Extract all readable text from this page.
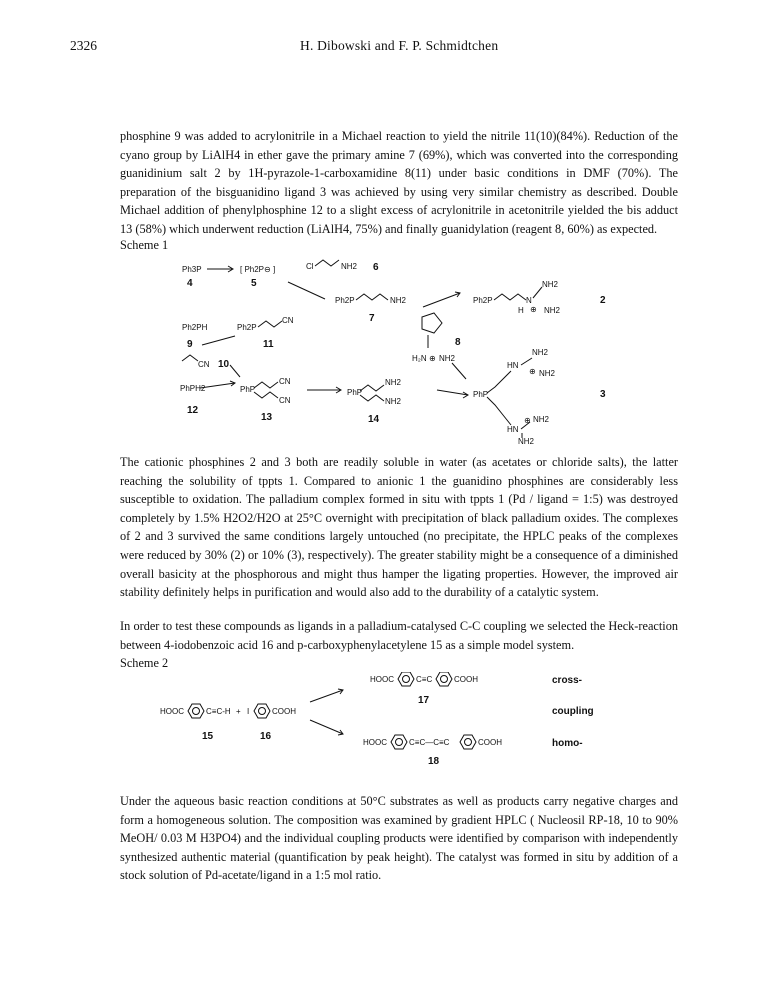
2326	H. Dibowski and F. P. Schmidtchen

phosphine 9 was added to acrylonitrile in a Michael reaction to yield the nitrile 11(10)(84%). Reduction of the cyano group by LiAlH4 in ether gave the primary amine 7 (69%), which was converted into the corresponding guanidinium salt 2 by 1H-pyrazole-1-carboxamidine 8(11) under basic conditions in DMF (70%). The preparation of the bisguanidino ligand 3 was achieved by using very similar chemistry as described. Double Michael addition of phenylphosphine 12 to a slight excess of acrylonitrile in acetonitrile yielded the bis adduct 13 (58%) which underwent reduction (LiAlH4, 75%) and finally guanidylation (reagent 8, 60%) as expected.

Scheme 1
Ph3P	[ Ph2P⊖ ]
4	5
Cl	NH2 6
Ph2P	NH2
7
Ph2P	N
NH2
H ⊕ NH2
2
Ph2PH	Ph2P
CN
9	11
CN 10
H₂N ⊕ NH2
8
HN
NH2
⊕ NH2
PhPH2	PhP
CN
CN
12
13
PhP
NH2
NH2
14
PhP	3
HN
⊕ NH2
NH2

The cationic phosphines 2 and 3 both are readily soluble in water (as acetates or chloride salts), the latter reaching the solubility of tppts 1. Compared to anionic 1 the guanidino phosphines are considerably less susceptible to oxidation. The palladium complex formed in situ with tppts 1 (Pd / ligand = 1:5) was destroyed completely by 1.5% H2O2/H2O at 25°C overnight with precipitation of black palladium oxides. The complexes of 2 and 3 survived the same conditions largely untouched (no precipitate, the HPLC peaks of the complexes were reduced by 30% (2) or 10% (3), respectively). The greater stability might be a consequence of a diminished overall basicity at the phosphorous and might thus hamper the ligating properties. However, the improved air stability definitely helps in purification and would also add to the durability of a catalytic system.

In order to test these compounds as ligands in a palladium-catalysed C-C coupling we selected the Heck-reaction between 4-iodobenzoic acid 16 and p-carboxyphenylacetylene 15 as a simple model system.

Scheme 2
HOOC	C≡C-H + I	COOH
15	16
HOOC	C≡C	COOH
17
HOOC	C≡C—C≡C	COOH
18
cross-
coupling
homo-

Under the aqueous basic reaction conditions at 50°C substrates as well as products carry negative charges and form a homogeneous solution. The composition was examined by gradient HPLC ( Nucleosil RP-18, 10 to 90% MeOH/ 0.03 M H3PO4) and the individual coupling products were identified by comparison with independently synthesized authentic material (quantification by peak height). The catalyst was formed in situ by addition of a stock solution of Pd-acetate/ligand in a 1:5 mol ratio.
